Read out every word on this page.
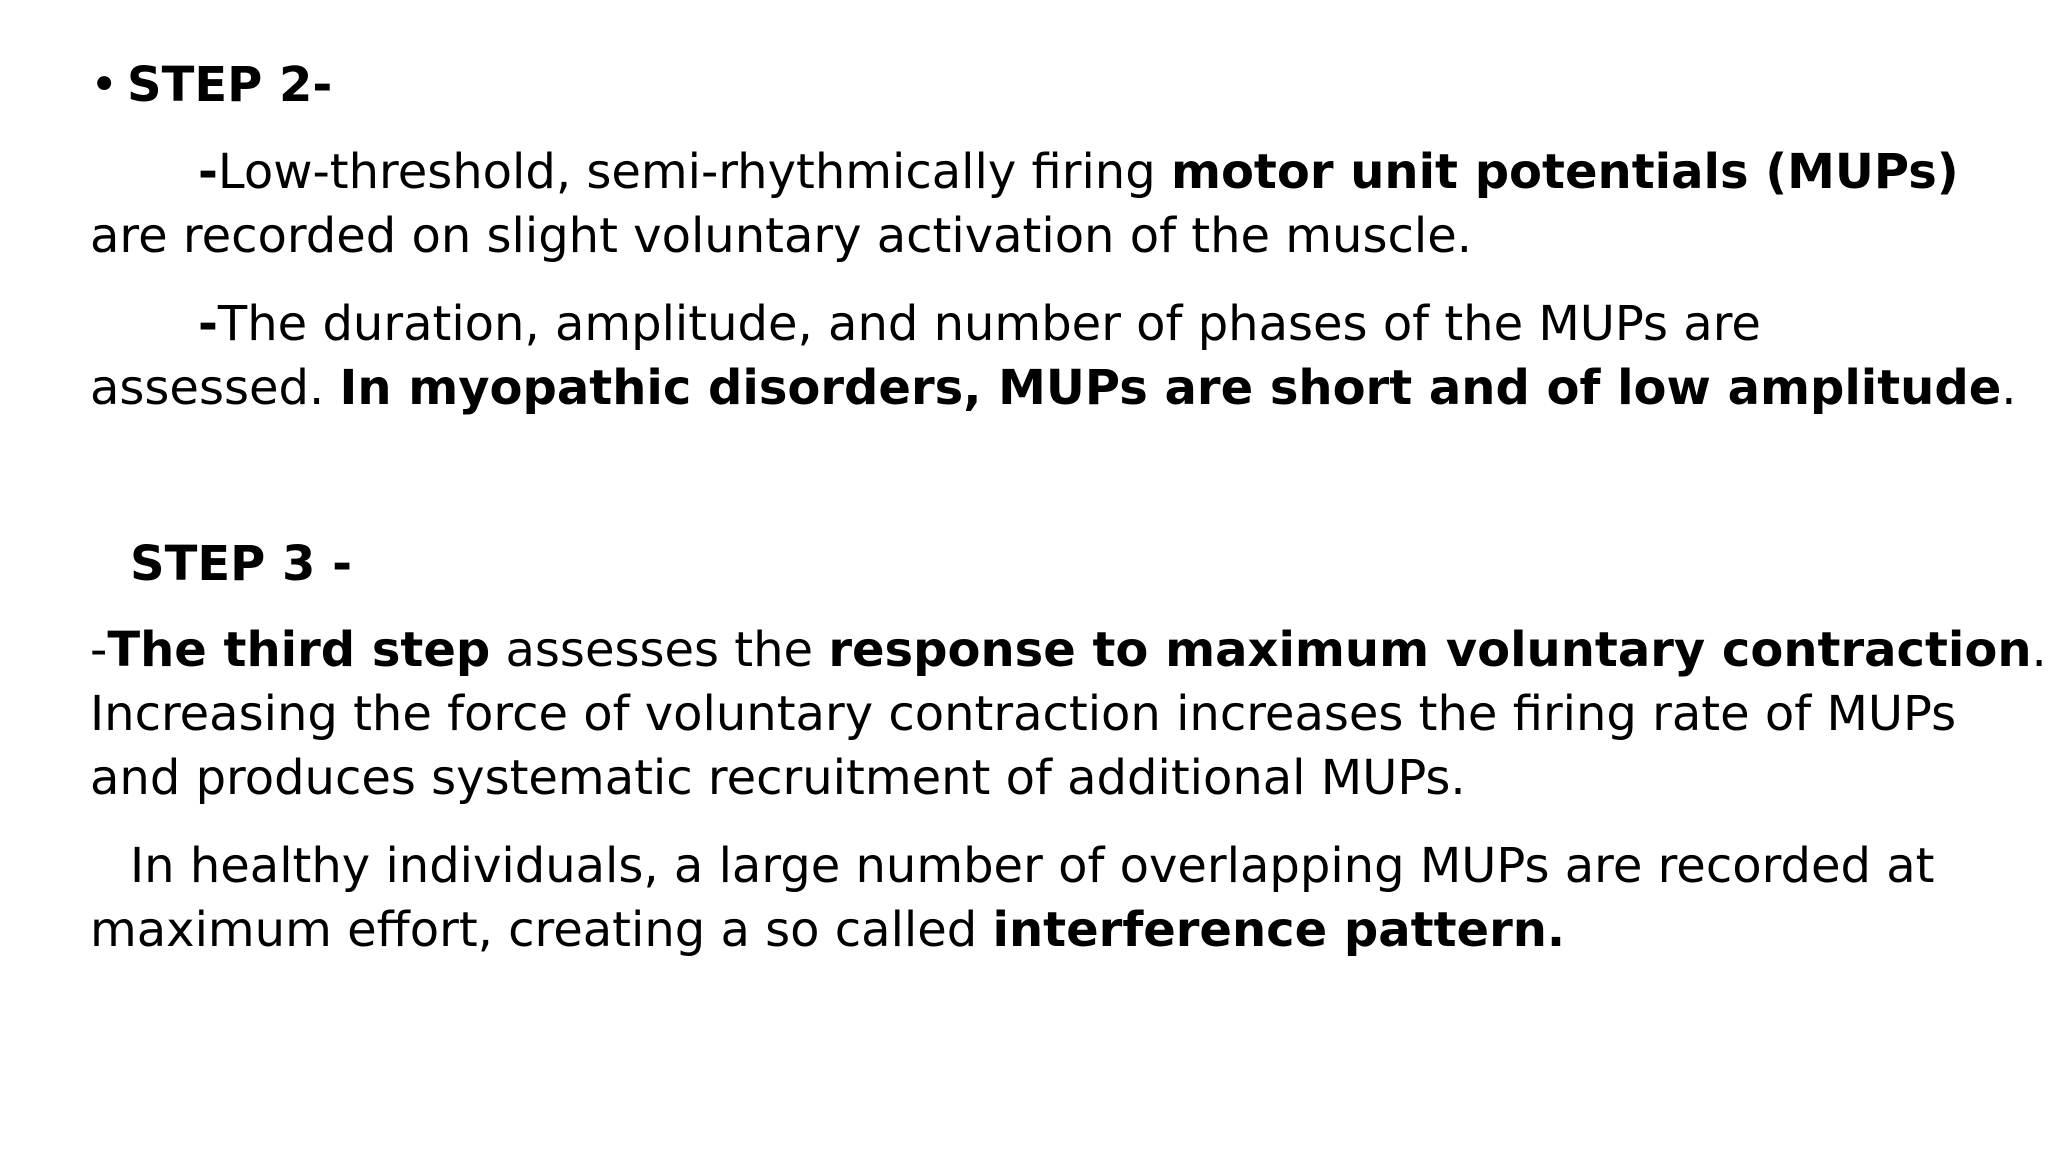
• STEP 2-
-Low-threshold, semi-rhythmically firing motor unit potentials (MUPs)
are recorded on slight voluntary activation of the muscle.
-The duration, amplitude, and number of phases of the MUPs are
assessed. In myopathic disorders, MUPs are short and of low amplitude.
STEP 3 -
-The third step assesses the response to maximum voluntary contraction.
Increasing the force of voluntary contraction increases the firing rate of MUPs
and produces systematic recruitment of additional MUPs.
In healthy individuals, a large number of overlapping MUPs are recorded at
maximum effort, creating a so called interference pattern.
